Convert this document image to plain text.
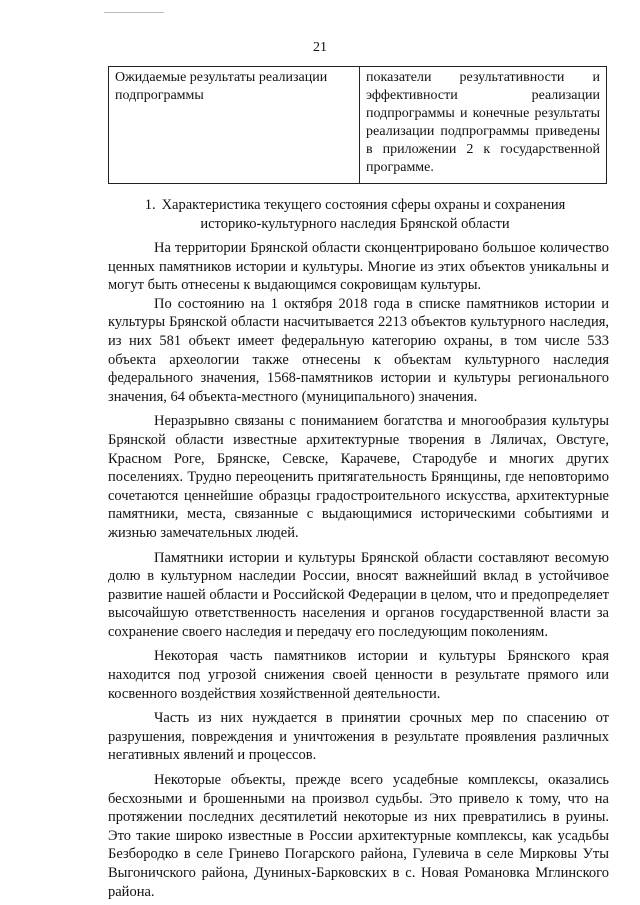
21
Ожидаемые результаты реализации подпрограммы	показатели результативности и эффективности реализации подпрограммы и конечные результаты реализации подпрограммы приведены в приложении 2 к государственной программе.
1. Характеристика текущего состояния сферы охраны и сохранения историко-культурного наследия Брянской области

На территории Брянской области сконцентрировано большое количество ценных памятников истории и культуры. Многие из этих объектов уникальны и могут быть отнесены к выдающимся сокровищам культуры.

По состоянию на 1 октября 2018 года в списке памятников истории и культуры Брянской области насчитывается 2213 объектов культурного наследия, из них 581 объект имеет федеральную категорию охраны, в том числе 533 объекта археологии также отнесены к объектам культурного наследия федерального значения, 1568-памятников истории и культуры регионального значения, 64 объекта-местного (муниципального) значения.

Неразрывно связаны с пониманием богатства и многообразия культуры Брянской области известные архитектурные творения в Ляличах, Овстуге, Красном Роге, Брянске, Севске, Карачеве, Стародубе и многих других поселениях. Трудно переоценить притягательность Брянщины, где неповторимо сочетаются ценнейшие образцы градостроительного искусства, архитектурные памятники, места, связанные с выдающимися историческими событиями и жизнью замечательных людей.

Памятники истории и культуры Брянской области составляют весомую долю в культурном наследии России, вносят важнейший вклад в устойчивое развитие нашей области и Российской Федерации в целом, что и предопределяет высочайшую ответственность населения и органов государственной власти за сохранение своего наследия и передачу его последующим поколениям.

Некоторая часть памятников истории и культуры Брянского края находится под угрозой снижения своей ценности в результате прямого или косвенного воздействия хозяйственной деятельности.

Часть из них нуждается в принятии срочных мер по спасению от разрушения, повреждения и уничтожения в результате проявления различных негативных явлений и процессов.

Некоторые объекты, прежде всего усадебные комплексы, оказались бесхозными и брошенными на произвол судьбы. Это привело к тому, что на протяжении последних десятилетий некоторые из них превратились в руины. Это такие широко известные в России архитектурные комплексы, как усадьбы Безбородко в селе Гринево Погарского района, Гулевича в селе Мирковы Уты Выгоничского района, Дуниных-Барковских в с. Новая Романовка Мглинского района.
